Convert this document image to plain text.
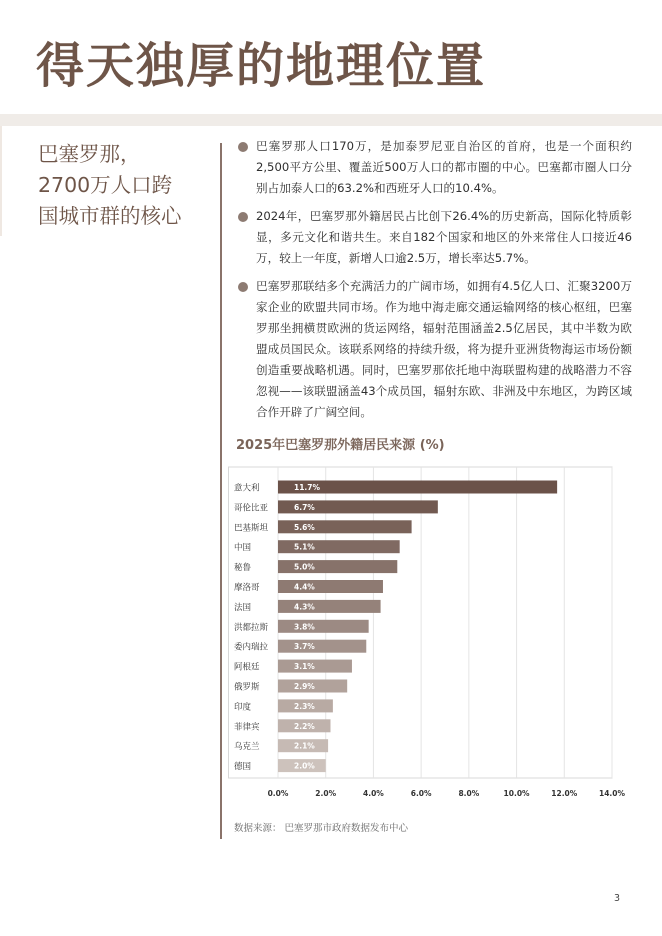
得天独厚的地理位置
巴塞罗那，
2700万人口跨
国城市群的核心
巴塞罗那人口170万，是加泰罗尼亚自治区的首府，也是一个面积约2,500平方公里、覆盖近500万人口的都市圈的中心。巴塞都市圈人口分别占加泰人口的63.2%和西班牙人口的10.4%。
2024年，巴塞罗那外籍居民占比创下26.4%的历史新高，国际化特质彰显，多元文化和谐共生。来自182个国家和地区的外来常住人口接近46万，较上一年度，新增人口逾2.5万，增长率达5.7%。
巴塞罗那联结多个充满活力的广阔市场，如拥有4.5亿人口、汇聚3200万家企业的欧盟共同市场。作为地中海走廊交通运输网络的核心枢纽，巴塞罗那坐拥横贯欧洲的货运网络，辐射范围涵盖2.5亿居民，其中半数为欧盟成员国民众。该联系网络的持续升级，将为提升亚洲货物海运市场份额创造重要战略机遇。同时，巴塞罗那依托地中海联盟构建的战略潜力不容忽视——该联盟涵盖43个成员国，辐射东欧、非洲及中东地区，为跨区域合作开辟了广阔空间。
2025年巴塞罗那外籍居民来源 (%)
意大利	11.7%
哥伦比亚	6.7%
巴基斯坦	5.6%
中国	5.1%
秘鲁	5.0%
摩洛哥	4.4%
法国	4.3%
洪都拉斯	3.8%
委内瑞拉	3.7%
阿根廷	3.1%
俄罗斯	2.9%
印度	2.3%
菲律宾	2.2%
乌克兰	2.1%
德国	2.0%
0.0%	2.0%	4.0%	6.0%	8.0%	10.0%	12.0%	14.0%
数据来源： 巴塞罗那市政府数据发布中心
3
